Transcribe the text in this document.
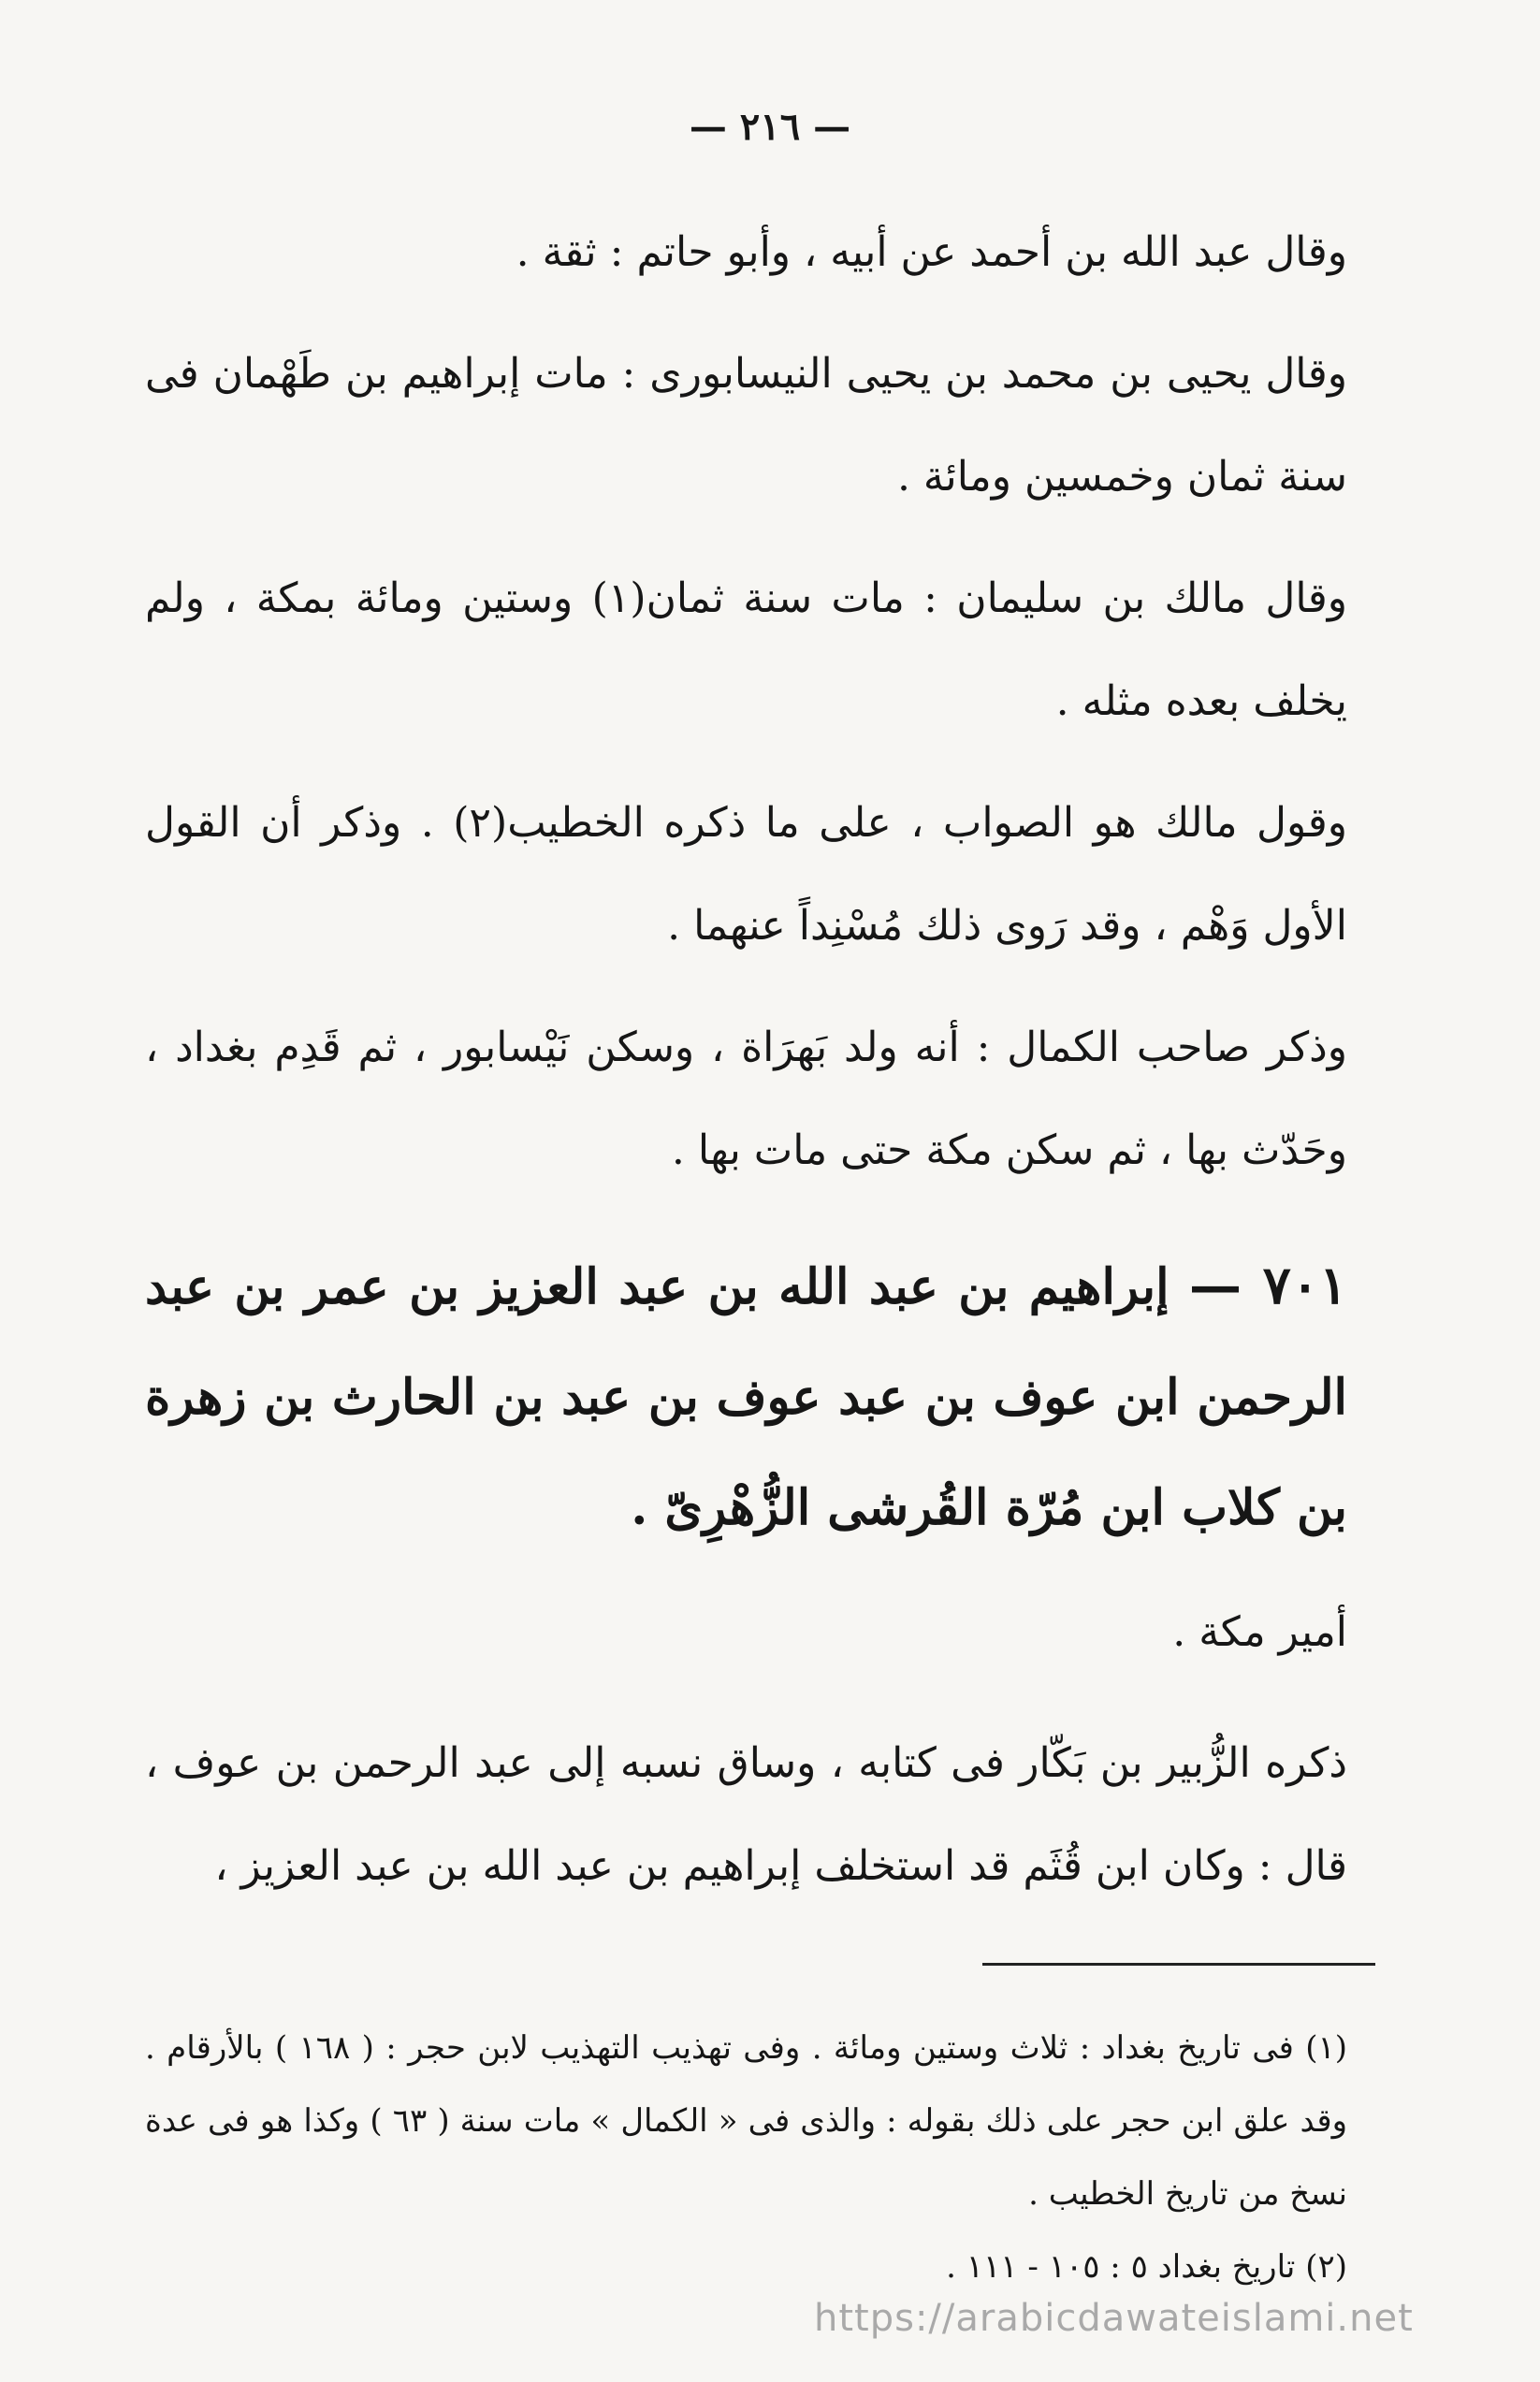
— ٢١٦ —

وقال عبد الله بن أحمد عن أبيه ، وأبو حاتم : ثقة .

وقال يحيى بن محمد بن يحيى النيسابورى : مات إبراهيم بن طَهْمان فى سنة ثمان وخمسين ومائة .

وقال مالك بن سليمان : مات سنة ثمان(١) وستين ومائة بمكة ، ولم يخلف بعده مثله .

وقول مالك هو الصواب ، على ما ذكره الخطيب(٢) . وذكر أن القول الأول وَهْم ، وقد رَوى ذلك مُسْنِداً عنهما .

وذكر صاحب الكمال : أنه ولد بَهرَاة ، وسكن نَيْسابور ، ثم قَدِم بغداد ، وحَدّث بها ، ثم سكن مكة حتى مات بها .

٧٠١ — إبراهيم بن عبد الله بن عبد العزيز بن عمر بن عبد الرحمن ابن عوف بن عبد عوف بن عبد بن الحارث بن زهرة بن كلاب ابن مُرّة القُرشى الزُّهْرِىّ .

أمير مكة .

ذكره الزُّبير بن بَكّار فى كتابه ، وساق نسبه إلى عبد الرحمن بن عوف ، قال : وكان ابن قُثَم قد استخلف إبراهيم بن عبد الله بن عبد العزيز ،

(١) فى تاريخ بغداد : ثلاث وستين ومائة . وفى تهذيب التهذيب لابن حجر : ( ١٦٨ ) بالأرقام . وقد علق ابن حجر على ذلك بقوله : والذى فى « الكمال » مات سنة ( ٦٣ ) وكذا هو فى عدة نسخ من تاريخ الخطيب .

(٢) تاريخ بغداد ٥ : ١٠٥ - ١١١ .

https://arabicdawateislami.net
